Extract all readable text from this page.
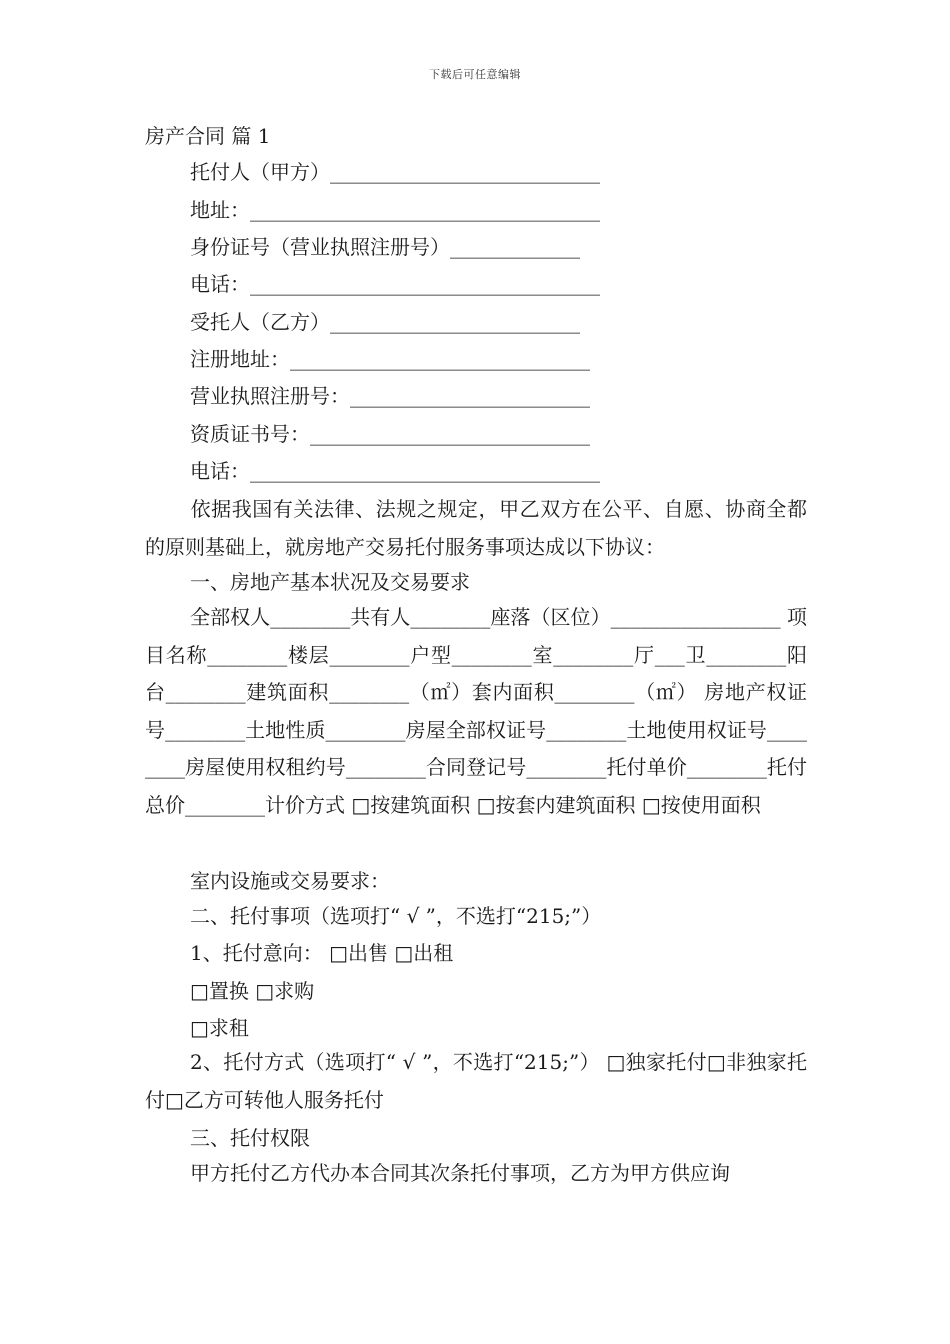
下载后可任意编辑
房产合同 篇 1
托付人（甲方）___________________________
地址：___________________________________
身份证号（营业执照注册号）_____________
电话：___________________________________
受托人（乙方）_________________________
注册地址：______________________________
营业执照注册号：________________________
资质证书号：____________________________
电话：___________________________________
依据我国有关法律、法规之规定，甲乙双方在公平、自愿、协商全都的原则基础上，就房地产交易托付服务事项达成以下协议：
一、房地产基本状况及交易要求
全部权人________共有人________座落（区位）_________________ 项目名称________楼层________户型________室________厅___卫________阳台________建筑面积________（㎡）套内面积________（㎡） 房地产权证号________土地性质________房屋全部权证号________土地使用权证号________房屋使用权租约号________合同登记号________托付单价________托付总价________计价方式 □按建筑面积 □按套内建筑面积 □按使用面积
室内设施或交易要求：
二、托付事项（选项打“ √ ”，不选打“215;”）
1、托付意向： □出售 □出租
□置换 □求购
□求租
2、托付方式（选项打“ √ ”，不选打“215;”） □独家托付□非独家托付□乙方可转他人服务托付
三、托付权限
甲方托付乙方代办本合同其次条托付事项，乙方为甲方供应询
